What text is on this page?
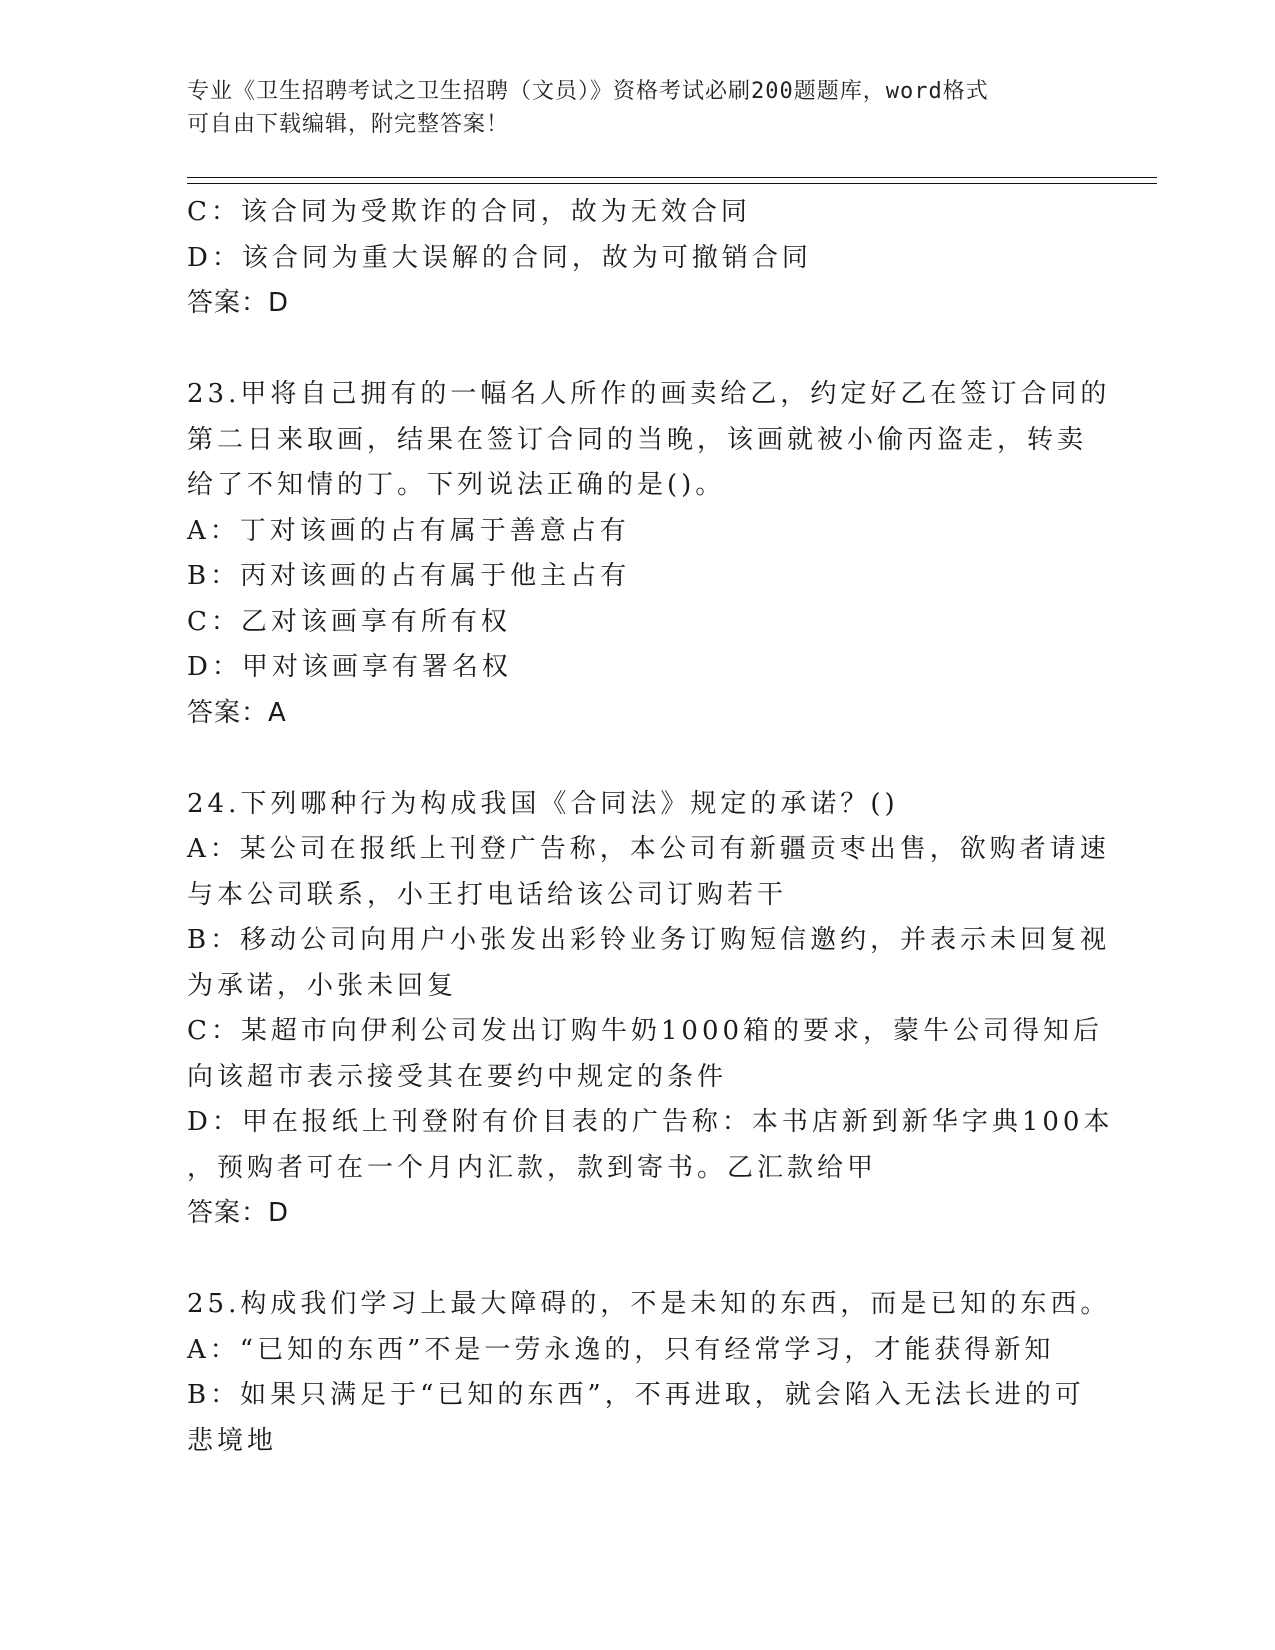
专业《卫生招聘考试之卫生招聘（文员）》资格考试必刷200题题库，word格式
可自由下载编辑，附完整答案！
C：该合同为受欺诈的合同，故为无效合同
D：该合同为重大误解的合同，故为可撤销合同
答案：D
23.甲将自己拥有的一幅名人所作的画卖给乙，约定好乙在签订合同的
第二日来取画，结果在签订合同的当晚，该画就被小偷丙盗走，转卖
给了不知情的丁。下列说法正确的是()。
A：丁对该画的占有属于善意占有
B：丙对该画的占有属于他主占有
C：乙对该画享有所有权
D：甲对该画享有署名权
答案：A
24.下列哪种行为构成我国《合同法》规定的承诺？()
A：某公司在报纸上刊登广告称，本公司有新疆贡枣出售，欲购者请速
与本公司联系，小王打电话给该公司订购若干
B：移动公司向用户小张发出彩铃业务订购短信邀约，并表示未回复视
为承诺，小张未回复
C：某超市向伊利公司发出订购牛奶1000箱的要求，蒙牛公司得知后
向该超市表示接受其在要约中规定的条件
D：甲在报纸上刊登附有价目表的广告称：本书店新到新华字典100本
，预购者可在一个月内汇款，款到寄书。乙汇款给甲
答案：D
25.构成我们学习上最大障碍的，不是未知的东西，而是已知的东西。
A：“已知的东西”不是一劳永逸的，只有经常学习，才能获得新知
B：如果只满足于“已知的东西”，不再进取，就会陷入无法长进的可
悲境地
